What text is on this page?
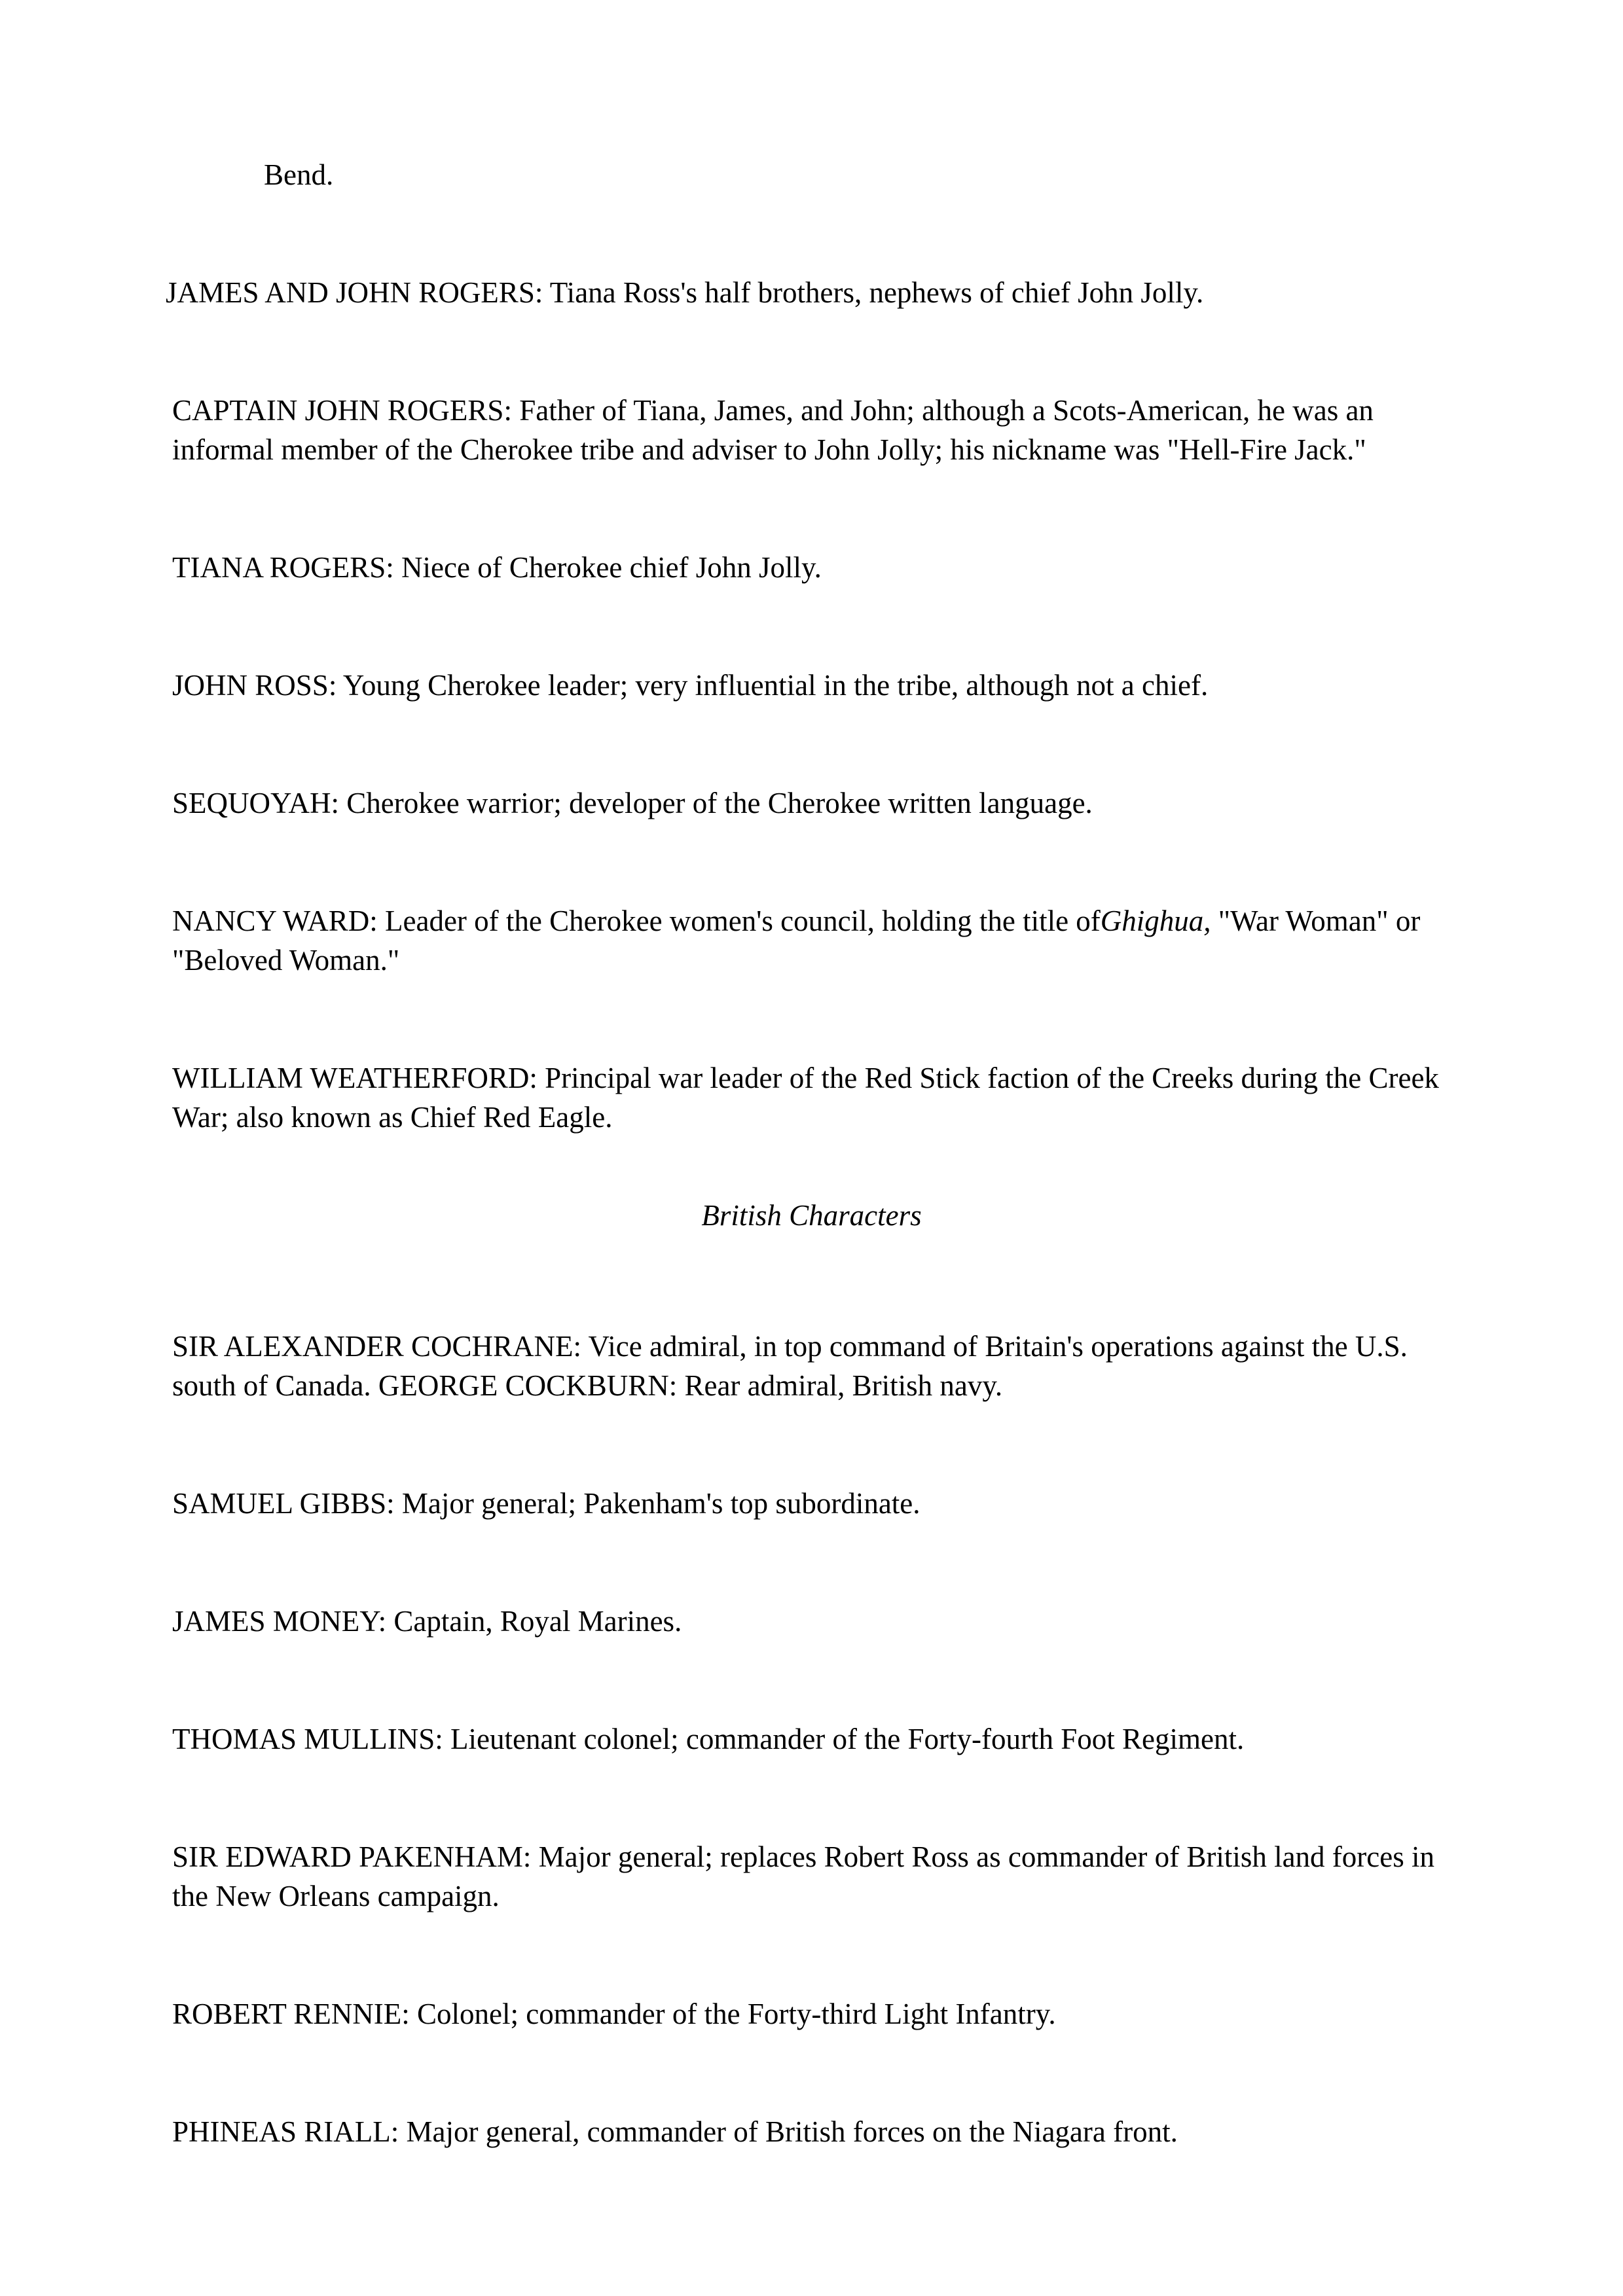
Bend.

JAMES AND JOHN ROGERS: Tiana Ross's half brothers, nephews of chief John Jolly.

CAPTAIN JOHN ROGERS: Father of Tiana, James, and John; although a Scots-American, he was an informal member of the Cherokee tribe and adviser to John Jolly; his nickname was "Hell-Fire Jack."

TIANA ROGERS: Niece of Cherokee chief John Jolly.

JOHN ROSS: Young Cherokee leader; very influential in the tribe, although not a chief.

SEQUOYAH: Cherokee warrior; developer of the Cherokee written language.

NANCY WARD: Leader of the Cherokee women's council, holding the title ofGhighua, "War Woman" or "Beloved Woman."

WILLIAM WEATHERFORD: Principal war leader of the Red Stick faction of the Creeks during the Creek War; also known as Chief Red Eagle.

British Characters

SIR ALEXANDER COCHRANE: Vice admiral, in top command of Britain's operations against the U.S. south of Canada. GEORGE COCKBURN: Rear admiral, British navy.

SAMUEL GIBBS: Major general; Pakenham's top subordinate.

JAMES MONEY: Captain, Royal Marines.

THOMAS MULLINS: Lieutenant colonel; commander of the Forty-fourth Foot Regiment.

SIR EDWARD PAKENHAM: Major general; replaces Robert Ross as commander of British land forces in the New Orleans campaign.

ROBERT RENNIE: Colonel; commander of the Forty-third Light Infantry.

PHINEAS RIALL: Major general, commander of British forces on the Niagara front.
